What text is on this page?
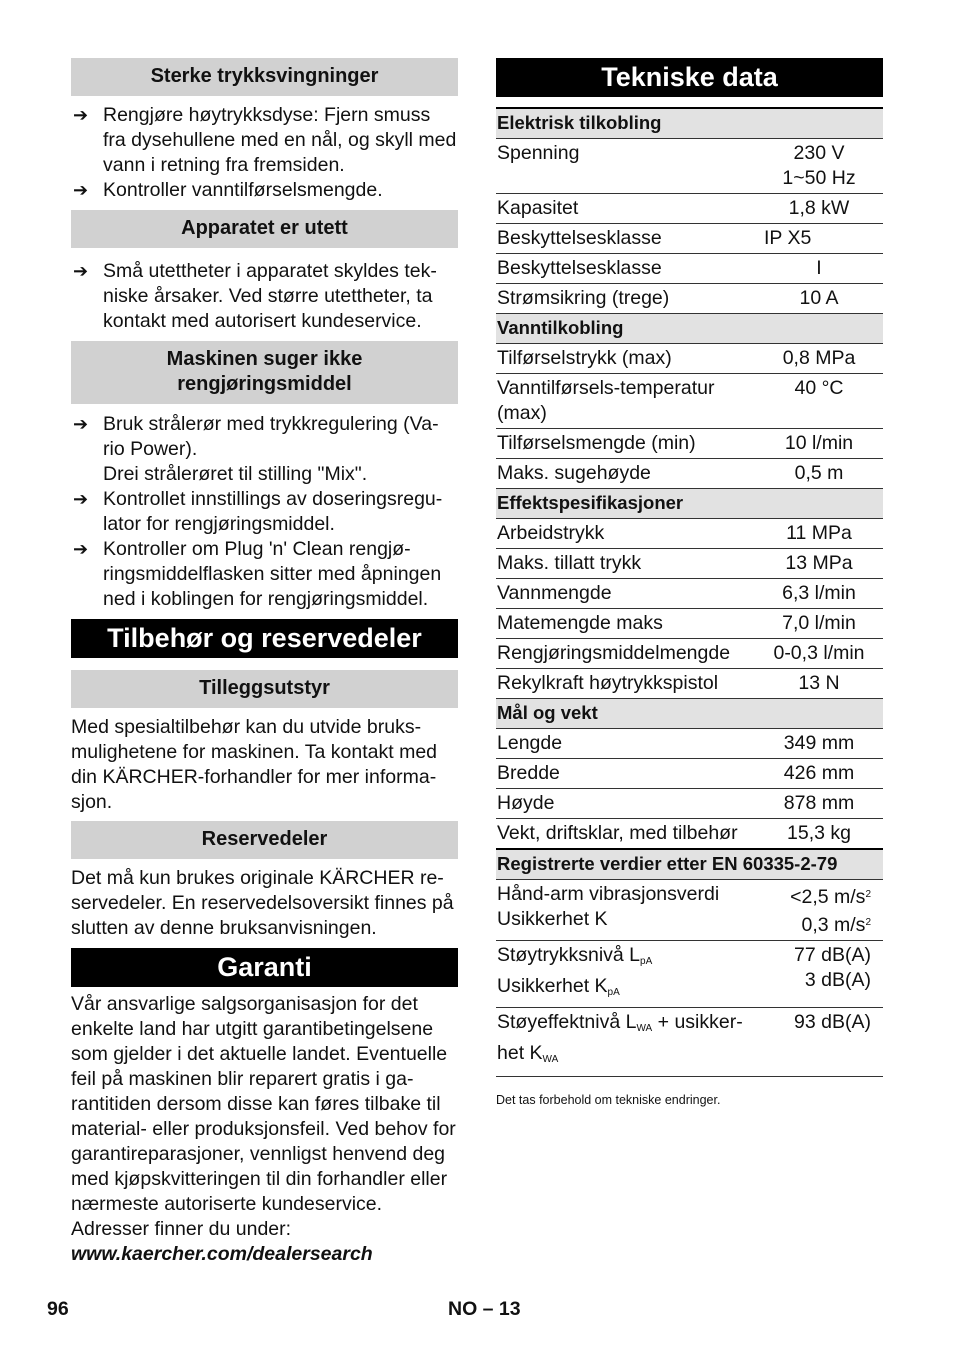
Sterke trykksvingninger
➔ Rengjøre høytrykksdyse: Fjern smuss fra dysehullene med en nål, og skyll med vann i retning fra fremsiden.
➔ Kontroller vanntilførselsmengde.
Apparatet er utett
➔ Små utettheter i apparatet skyldes tek-niske årsaker. Ved større utettheter, ta kontakt med autorisert kundeservice.
Maskinen suger ikke rengjøringsmiddel
➔ Bruk strålerør med trykkregulering (Va-rio Power).
Drei strålerøret til stilling "Mix".
➔ Kontrollet innstillings av doseringsregu-lator for rengjøringsmiddel.
➔ Kontroller om Plug 'n' Clean rengjø-ringsmiddelflasken sitter med åpningen ned i koblingen for rengjøringsmiddel.
Tilbehør og reservedeler
Tilleggsutstyr
Med spesialtilbehør kan du utvide bruks-mulighetene for maskinen. Ta kontakt med din KÄRCHER-forhandler for mer informa-sjon.
Reservedeler
Det må kun brukes originale KÄRCHER re-servedeler. En reservedelsoversikt finnes på slutten av denne bruksanvisningen.
Garanti
Vår ansvarlige salgsorganisasjon for det enkelte land har utgitt garantibetingelsene som gjelder i det aktuelle landet. Eventuelle feil på maskinen blir reparert gratis i ga-rantitiden dersom disse kan føres tilbake til material- eller produksjonsfeil. Ved behov for garantireparasjoner, vennligst henvend deg med kjøpskvitteringen til din forhandler eller nærmeste autoriserte kundeservice. Adresser finner du under:
www.kaercher.com/dealersearch
Tekniske data
Elektrisk tilkobling	
Spenning	230 V
1~50 Hz
Kapasitet	1,8 kW
Beskyttelsesklasse	IP X5
Beskyttelsesklasse	I
Strømsikring (trege)	10 A
Vanntilkobling	
Tilførselstrykk (max)	0,8 MPa
Vanntilførsels-temperatur (max)	40 °C
Tilførselsmengde (min)	10 l/min
Maks. sugehøyde	0,5 m
Effektspesifikasjoner	
Arbeidstrykk	11 MPa
Maks. tillatt trykk	13 MPa
Vannmengde	6,3 l/min
Matemengde maks	7,0 l/min
Rengjøringsmiddelmengde	0-0,3 l/min
Rekylkraft høytrykkspistol	13 N
Mål og vekt	
Lengde	349 mm
Bredde	426 mm
Høyde	878 mm
Vekt, driftsklar, med tilbehør	15,3 kg
Registrerte verdier etter EN 60335-2-79	
Hånd-arm vibrasjonsverdi
Usikkerhet K	<2,5 $m/s^2$
0,3 $m/s^2$
Støytrykksnivå $L_{pA}$
Usikkerhet $K_{pA}$	77 dB(A)
3 dB(A)
Støyeffektnivå $L_{WA}$ + usikker-het $K_{WA}$	93 dB(A)
Det tas forbehold om tekniske endringer.
96	NO – 13
